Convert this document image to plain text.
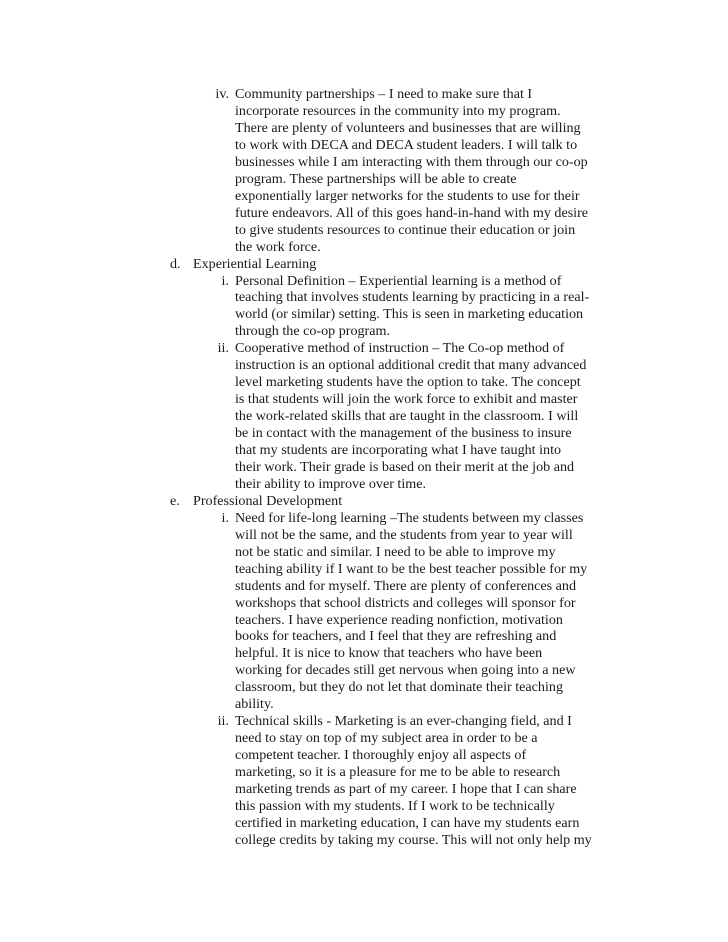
iv. Community partnerships – I need to make sure that I
incorporate resources in the community into my program.
There are plenty of volunteers and businesses that are willing
to work with DECA and DECA student leaders. I will talk to
businesses while I am interacting with them through our co-op
program. These partnerships will be able to create
exponentially larger networks for the students to use for their
future endeavors. All of this goes hand-in-hand with my desire
to give students resources to continue their education or join
the work force.
d. Experiential Learning
i. Personal Definition – Experiential learning is a method of
teaching that involves students learning by practicing in a real-
world (or similar) setting. This is seen in marketing education
through the co-op program.
ii. Cooperative method of instruction – The Co-op method of
instruction is an optional additional credit that many advanced
level marketing students have the option to take. The concept
is that students will join the work force to exhibit and master
the work-related skills that are taught in the classroom. I will
be in contact with the management of the business to insure
that my students are incorporating what I have taught into
their work. Their grade is based on their merit at the job and
their ability to improve over time.
e. Professional Development
i. Need for life-long learning –The students between my classes
will not be the same, and the students from year to year will
not be static and similar. I need to be able to improve my
teaching ability if I want to be the best teacher possible for my
students and for myself. There are plenty of conferences and
workshops that school districts and colleges will sponsor for
teachers. I have experience reading nonfiction, motivation
books for teachers, and I feel that they are refreshing and
helpful. It is nice to know that teachers who have been
working for decades still get nervous when going into a new
classroom, but they do not let that dominate their teaching
ability.
ii. Technical skills - Marketing is an ever-changing field, and I
need to stay on top of my subject area in order to be a
competent teacher. I thoroughly enjoy all aspects of
marketing, so it is a pleasure for me to be able to research
marketing trends as part of my career. I hope that I can share
this passion with my students. If I work to be technically
certified in marketing education, I can have my students earn
college credits by taking my course. This will not only help my
